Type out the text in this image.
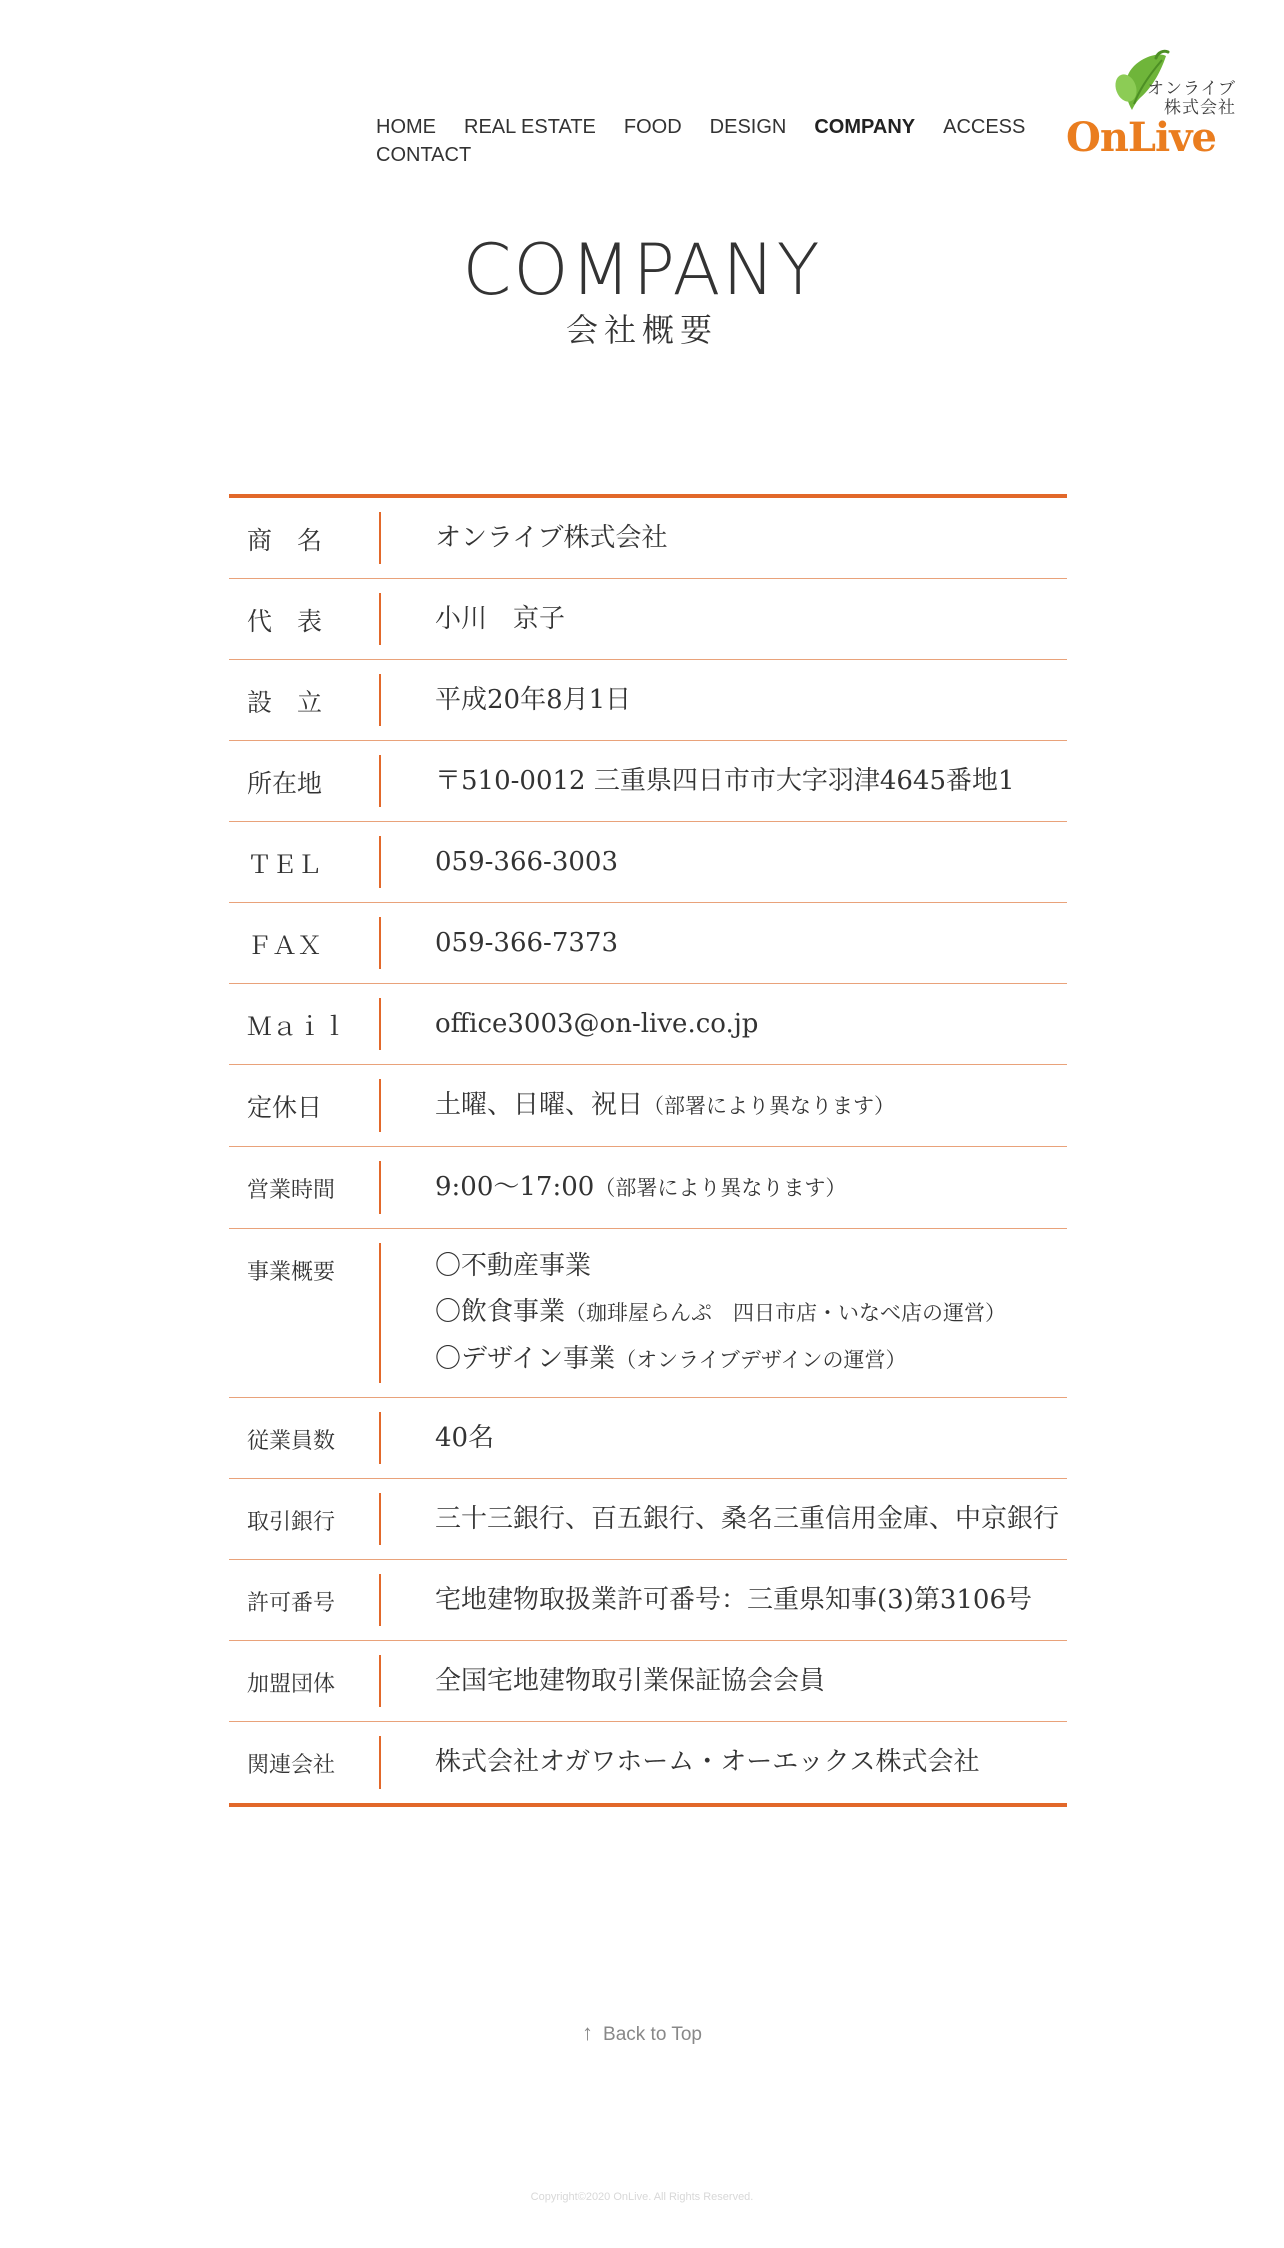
HOME REAL ESTATE FOOD DESIGN COMPANY ACCESS
CONTACT
オンライブ
株式会社
OnLive
COMPANY
会社概要
商　名	オンライブ株式会社
代　表	小川　京子
設　立	平成20年8月1日
所在地	〒510-0012 三重県四日市市大字羽津4645番地1
ＴＥＬ	059-366-3003
ＦＡＸ	059-366-7373
Ｍａｉｌ	office3003@on-live.co.jp
定休日	土曜、日曜、祝日（部署により異なります）
営業時間	9:00～17:00（部署により異なります）
事業概要	〇不動産事業
〇飲食事業（珈琲屋らんぷ　四日市店・いなべ店の運営）
〇デザイン事業（オンライブデザインの運営）
従業員数	40名
取引銀行	三十三銀行、百五銀行、桑名三重信用金庫、中京銀行
許可番号	宅地建物取扱業許可番号：三重県知事(3)第3106号
加盟団体	全国宅地建物取引業保証協会会員
関連会社	株式会社オガワホーム・オーエックス株式会社
↑ Back to Top
Copyright©2020 OnLive. All Rights Reserved.
